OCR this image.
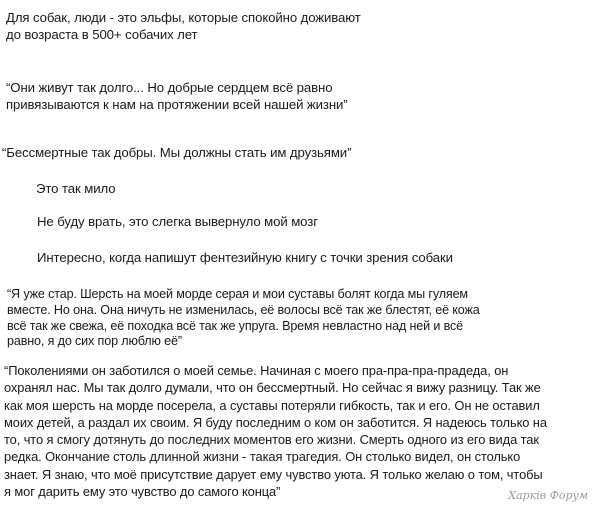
Для собак, люди - это эльфы, которые спокойно доживают
до возраста в 500+ собачих лет
“Они живут так долго... Но добрые сердцем всё равно
привязываются к нам на протяжении всей нашей жизни”
“Бессмертные так добры. Мы должны стать им друзьями”
Это так мило
Не буду врать, это слегка вывернуло мой мозг
Интересно, когда напишут фентезийную книгу с точки зрения собаки
“Я уже стар. Шерсть на моей морде серая и мои суставы болят когда мы гуляем
вместе. Но она. Она ничуть не изменилась, её волосы всё так же блестят, её кожа
всё так же свежа, её походка всё так же упруга. Время невластно над ней и всё
равно, я до сих пор люблю её”
“Поколениями он заботился о моей семье. Начиная с моего пра-пра-пра-прадеда, он
охранял нас. Мы так долго думали, что он бессмертный. Но сейчас я вижу разницу. Так же
как моя шерсть на морде посерела, а суставы потеряли гибкость, так и его. Он не оставил
моих детей, а раздал их своим. Я буду последним о ком он заботится. Я надеюсь только на
то, что я смогу дотянуть до последних моментов его жизни. Смерть одного из его вида так
редка. Окончание столь длинной жизни - такая трагедия. Он столько видел, он столько
знает. Я знаю, что моё присутствие дарует ему чувство уюта. Я только желаю о том, чтобы
я мог дарить ему это чувство до самого конца”	Харків Форум
